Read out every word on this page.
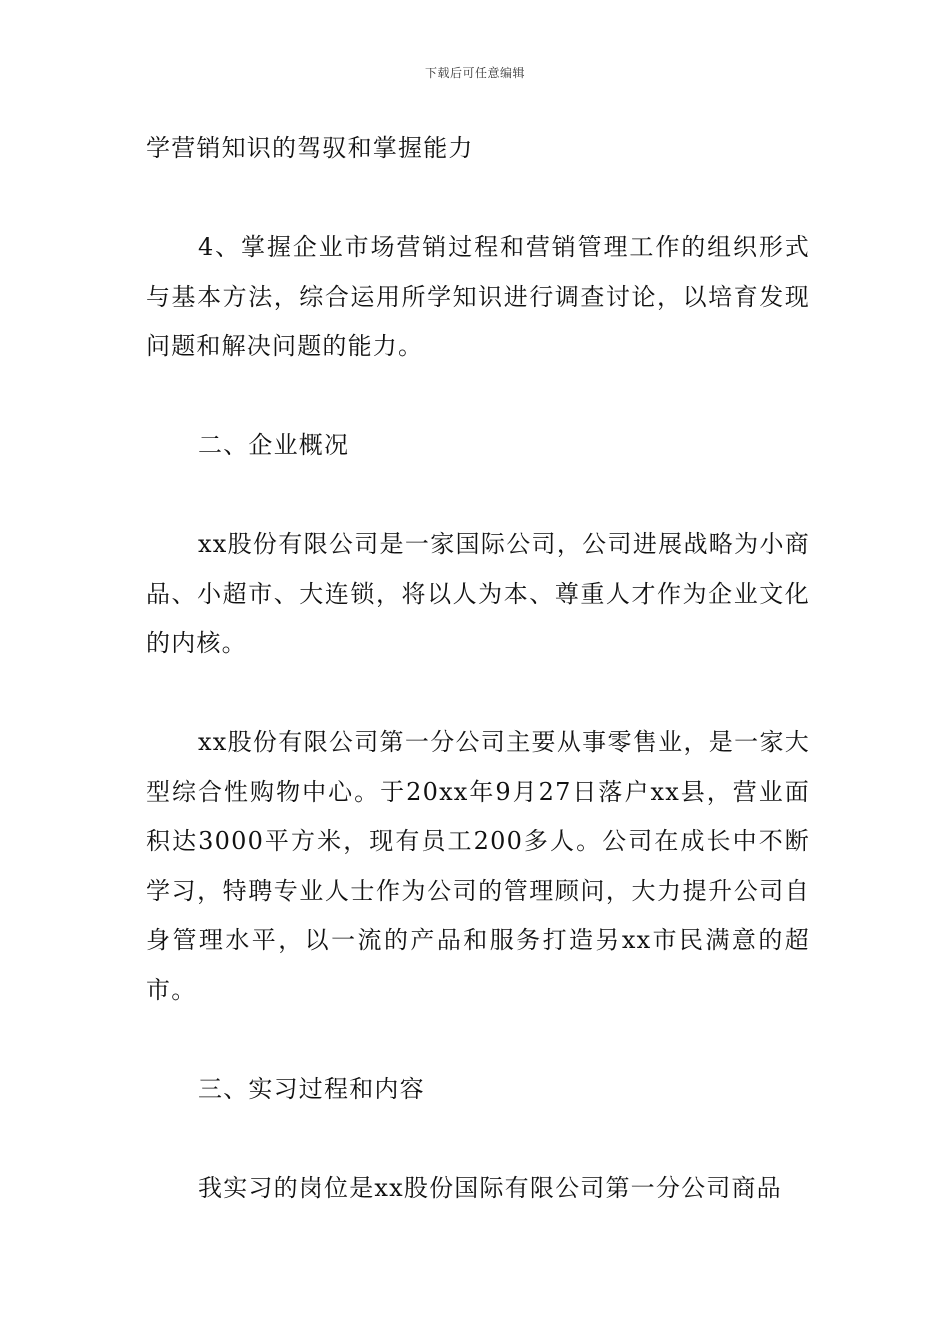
下载后可任意编辑

学营销知识的驾驭和掌握能力

4、掌握企业市场营销过程和营销管理工作的组织形式与基本方法，综合运用所学知识进行调查讨论，以培育发现问题和解决问题的能力。

二、企业概况

xx股份有限公司是一家国际公司，公司进展战略为小商品、小超市、大连锁，将以人为本、尊重人才作为企业文化的内核。

xx股份有限公司第一分公司主要从事零售业，是一家大型综合性购物中心。于20xx年9月27日落户xx县，营业面积达3000平方米，现有员工200多人。公司在成长中不断学习，特聘专业人士作为公司的管理顾问，大力提升公司自身管理水平，以一流的产品和服务打造另xx市民满意的超市。

三、实习过程和内容

我实习的岗位是xx股份国际有限公司第一分公司商品
